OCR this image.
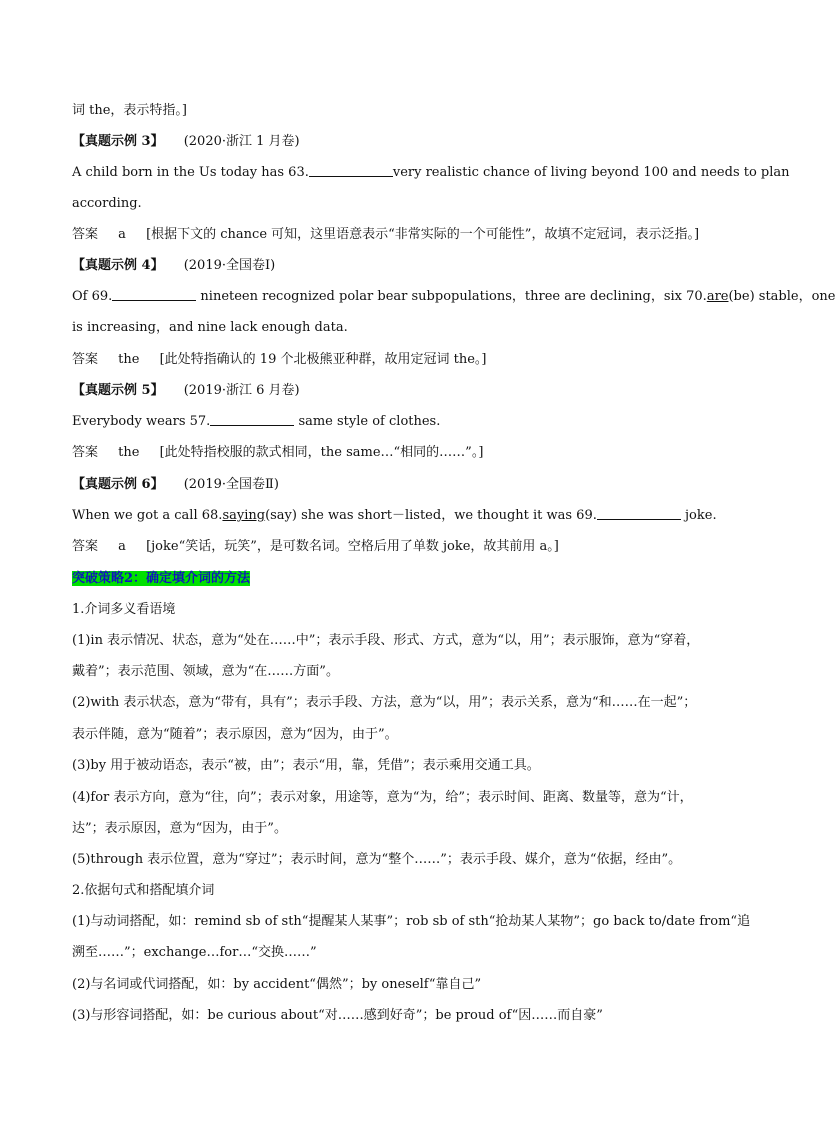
词 the，表示特指。]
【真题示例 3】 (2020·浙江 1 月卷)
A child born in the Us today has 63.	very realistic chance of living beyond 100 and needs to plan
according.
答案 a [根据下文的 chance 可知，这里语意表示“非常实际的一个可能性”，故填不定冠词，表示泛指。]
【真题示例 4】 (2019·全国卷Ⅰ)
Of 69.	nineteen recognized polar bear subpopulations，three are declining，six 70.are(be) stable，one
is increasing，and nine lack enough data.
答案 the [此处特指确认的 19 个北极熊亚种群，故用定冠词 the。]
【真题示例 5】 (2019·浙江 6 月卷)
Everybody wears 57.	same style of clothes.
答案 the [此处特指校服的款式相同，the same…“相同的……”。]
【真题示例 6】 (2019·全国卷Ⅱ)
When we got a call 68.saying(say) she was short－listed，we thought it was 69.	joke.
答案 a [joke“笑话，玩笑”，是可数名词。空格后用了单数 joke，故其前用 a。]
突破策略2：确定填介词的方法
1.介词多义看语境
(1)in 表示情况、状态，意为“处在……中”；表示手段、形式、方式，意为“以，用”；表示服饰，意为“穿着，
戴着”；表示范围、领域，意为“在……方面”。
(2)with 表示状态，意为“带有，具有”；表示手段、方法，意为“以，用”；表示关系，意为“和……在一起”；
表示伴随，意为“随着”；表示原因，意为“因为，由于”。
(3)by 用于被动语态，表示“被，由”；表示“用，靠，凭借”；表示乘用交通工具。
(4)for 表示方向，意为“往，向”；表示对象，用途等，意为“为，给”；表示时间、距离、数量等，意为“计，
达”；表示原因，意为“因为，由于”。
(5)through 表示位置，意为“穿过”；表示时间，意为“整个……”；表示手段、媒介，意为“依据，经由”。
2.依据句式和搭配填介词
(1)与动词搭配，如：remind sb of sth“提醒某人某事”；rob sb of sth“抢劫某人某物”；go back to/date from“追
溯至……”；exchange…for…“交换……”
(2)与名词或代词搭配，如：by accident“偶然”；by oneself“靠自己”
(3)与形容词搭配，如：be curious about“对……感到好奇”；be proud of“因……而自豪”
